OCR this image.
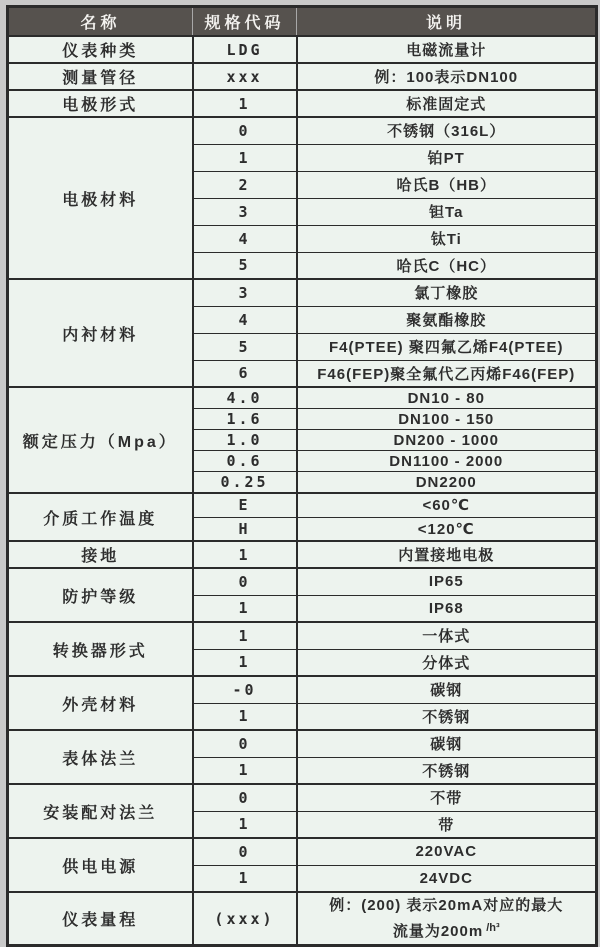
名称	规格代码	说明
仪表种类	LDG	电磁流量计
测量管径	xxx	例：100表示DN100
电极形式	1	标准固定式
电极材料	0	不锈钢（316L）
	1	铂PT
	2	哈氏B（HB）
	3	钽Ta
	4	钛Ti
	5	哈氏C（HC）
内衬材料	3	氯丁橡胶
	4	聚氨酯橡胶
	5	F4(PTEE) 聚四氟乙烯F4(PTEE)
	6	F46(FEP)聚全氟代乙丙烯F46(FEP)
额定压力（Mpa）	4.0	DN10 - 80
	1.6	DN100 - 150
	1.0	DN200 - 1000
	0.6	DN1100 - 2000
	0.25	DN2200
介质工作温度	E	<60℃
	H	<120℃
接地	1	内置接地电极
防护等级	0	IP65
	1	IP68
转换器形式	1	一体式
	1	分体式
外壳材料	-0	碳钢
	1	不锈钢
表体法兰	0	碳钢
	1	不锈钢
安装配对法兰	0	不带
	1	带
供电电源	0	220VAC
	1	24VDC
仪表量程	(xxx)	例：(200) 表示20mA对应的最大
流量为200m $^{/h^3}$
